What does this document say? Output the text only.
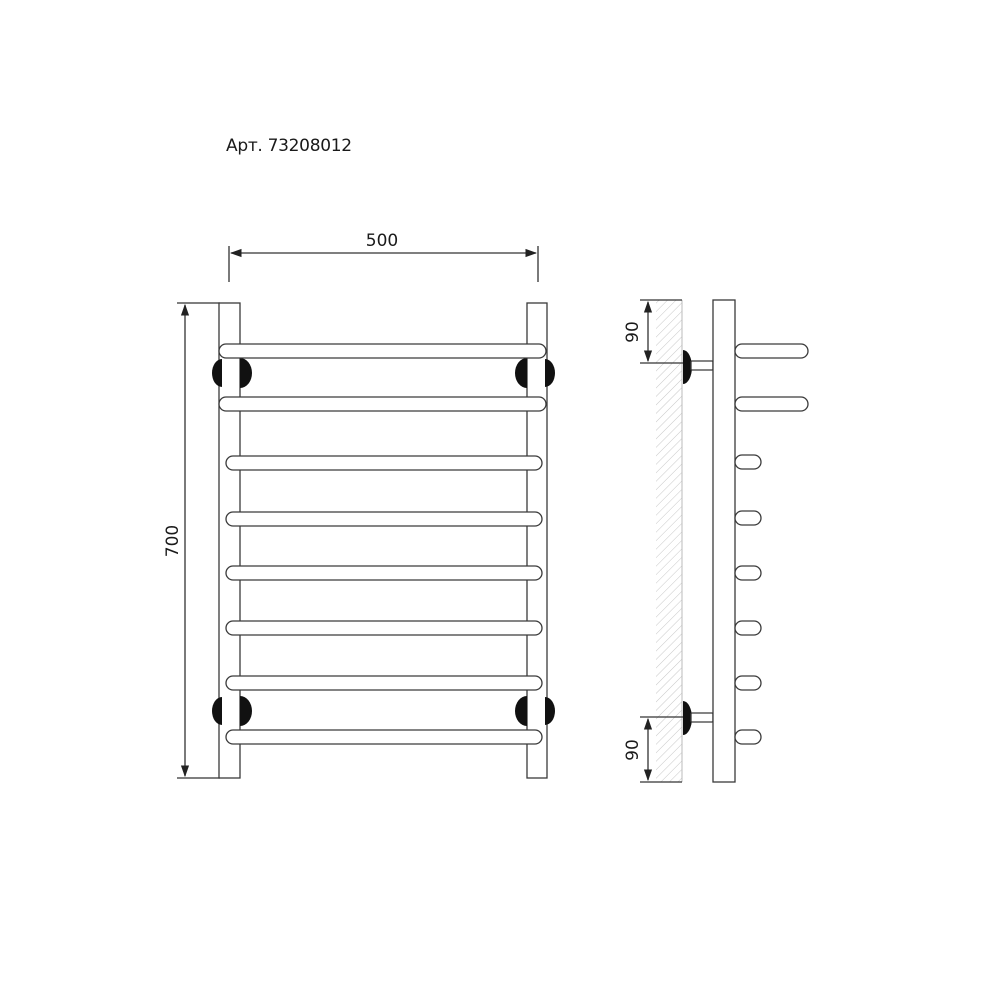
Арт. 73208012
500
700
90
90
